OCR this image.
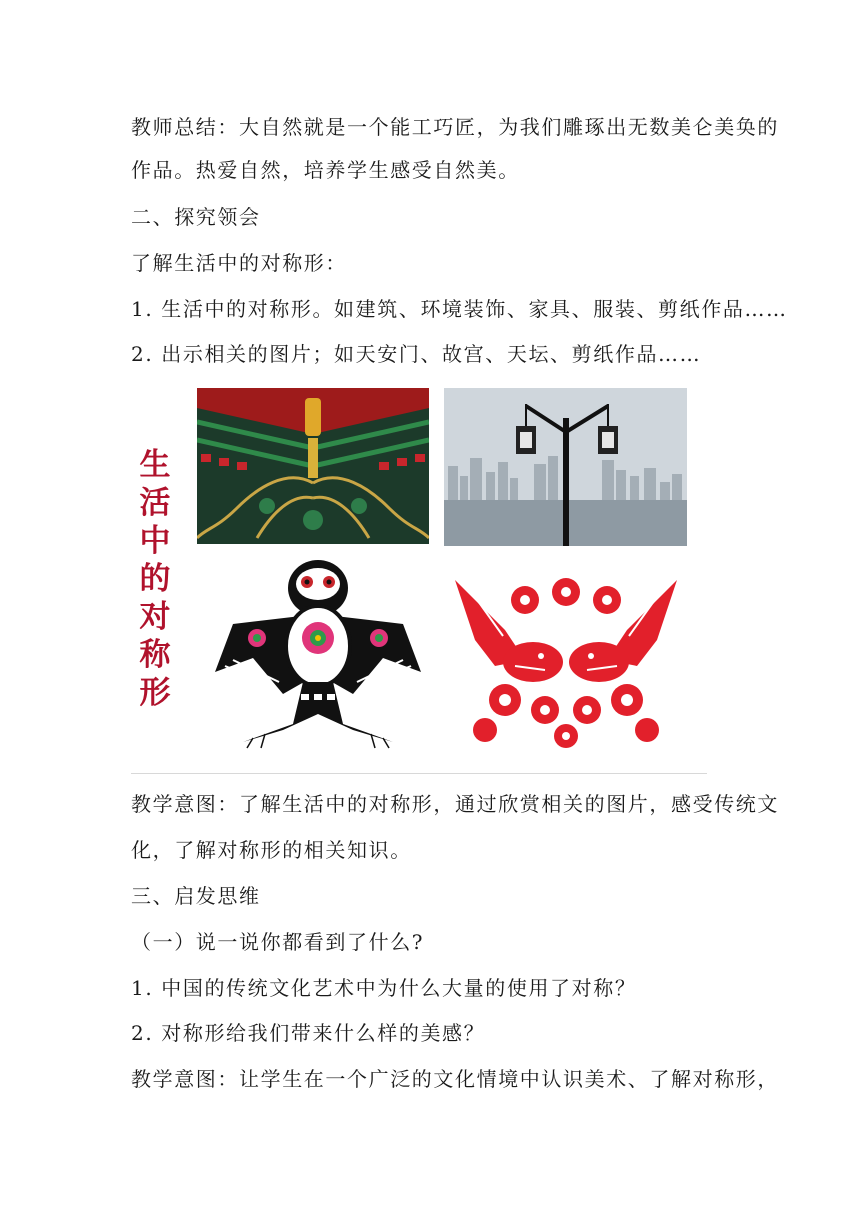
教师总结：大自然就是一个能工巧匠，为我们雕琢出无数美仑美奂的
作品。热爱自然，培养学生感受自然美。
二、探究领会
了解生活中的对称形：
1. 生活中的对称形。如建筑、环境装饰、家具、服装、剪纸作品……
2. 出示相关的图片；如天安门、故宫、天坛、剪纸作品……
生
活
中
的
对
称
形
教学意图：了解生活中的对称形，通过欣赏相关的图片，感受传统文
化，了解对称形的相关知识。
三、启发思维
（一）说一说你都看到了什么?
1. 中国的传统文化艺术中为什么大量的使用了对称？
2. 对称形给我们带来什么样的美感？
教学意图：让学生在一个广泛的文化情境中认识美术、了解对称形，
